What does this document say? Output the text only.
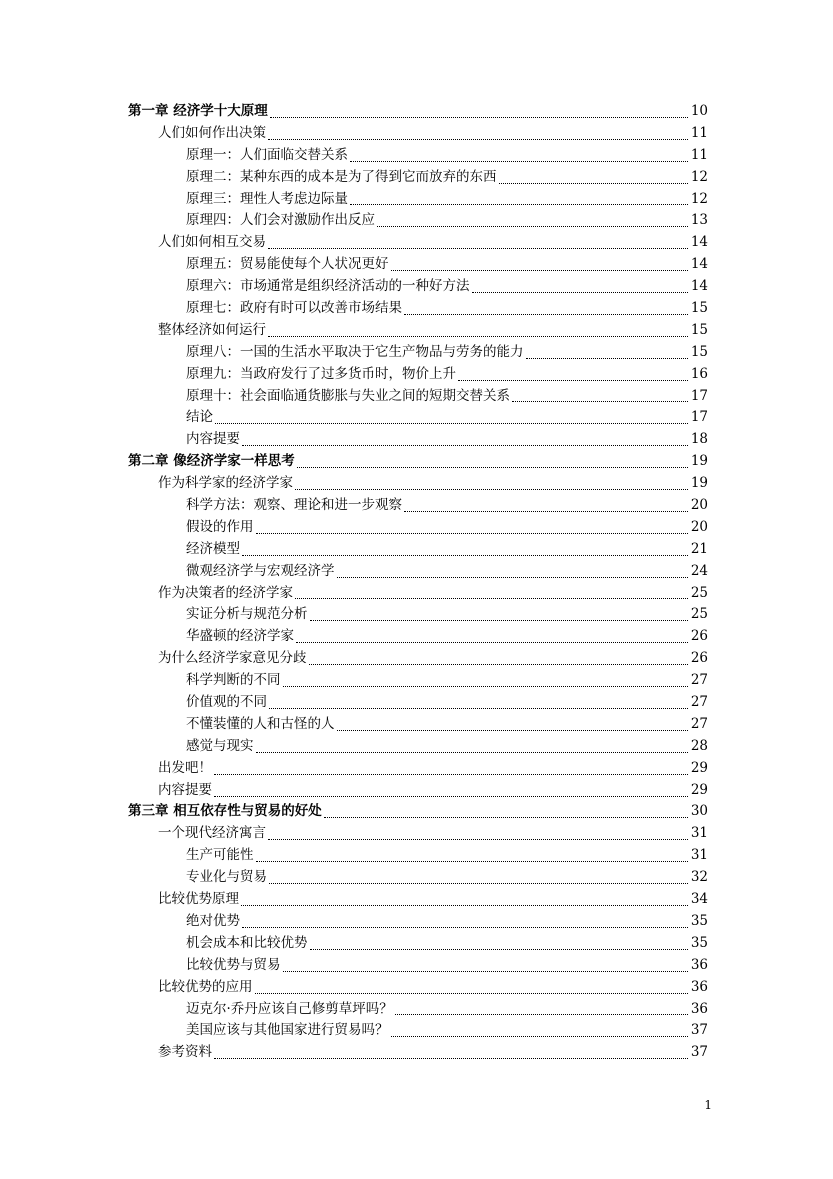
第一章 经济学十大原理	10
人们如何作出决策	11
原理一：人们面临交替关系	11
原理二：某种东西的成本是为了得到它而放弃的东西	12
原理三：理性人考虑边际量	12
原理四：人们会对激励作出反应	13
人们如何相互交易	14
原理五：贸易能使每个人状况更好	14
原理六：市场通常是组织经济活动的一种好方法	14
原理七：政府有时可以改善市场结果	15
整体经济如何运行	15
原理八：一国的生活水平取决于它生产物品与劳务的能力	15
原理九：当政府发行了过多货币时，物价上升	16
原理十：社会面临通货膨胀与失业之间的短期交替关系	17
结论	17
内容提要	18
第二章 像经济学家一样思考	19
作为科学家的经济学家	19
科学方法：观察、理论和进一步观察	20
假设的作用	20
经济模型	21
微观经济学与宏观经济学	24
作为决策者的经济学家	25
实证分析与规范分析	25
华盛顿的经济学家	26
为什么经济学家意见分歧	26
科学判断的不同	27
价值观的不同	27
不懂装懂的人和古怪的人	27
感觉与现实	28
出发吧！	29
内容提要	29
第三章 相互依存性与贸易的好处	30
一个现代经济寓言	31
生产可能性	31
专业化与贸易	32
比较优势原理	34
绝对优势	35
机会成本和比较优势	35
比较优势与贸易	36
比较优势的应用	36
迈克尔·乔丹应该自己修剪草坪吗？	36
美国应该与其他国家进行贸易吗？	37
参考资料	37
1
